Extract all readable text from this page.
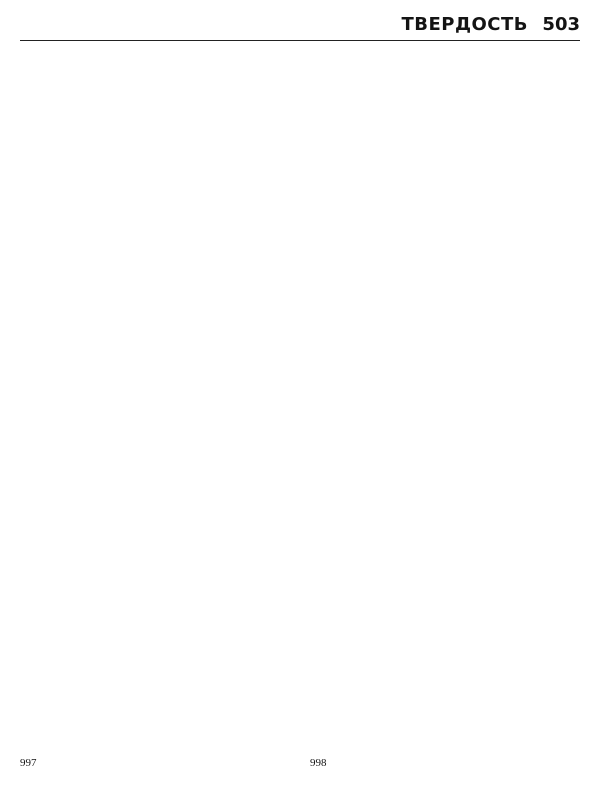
ТВЕРДОСТЬ 503
997	998
